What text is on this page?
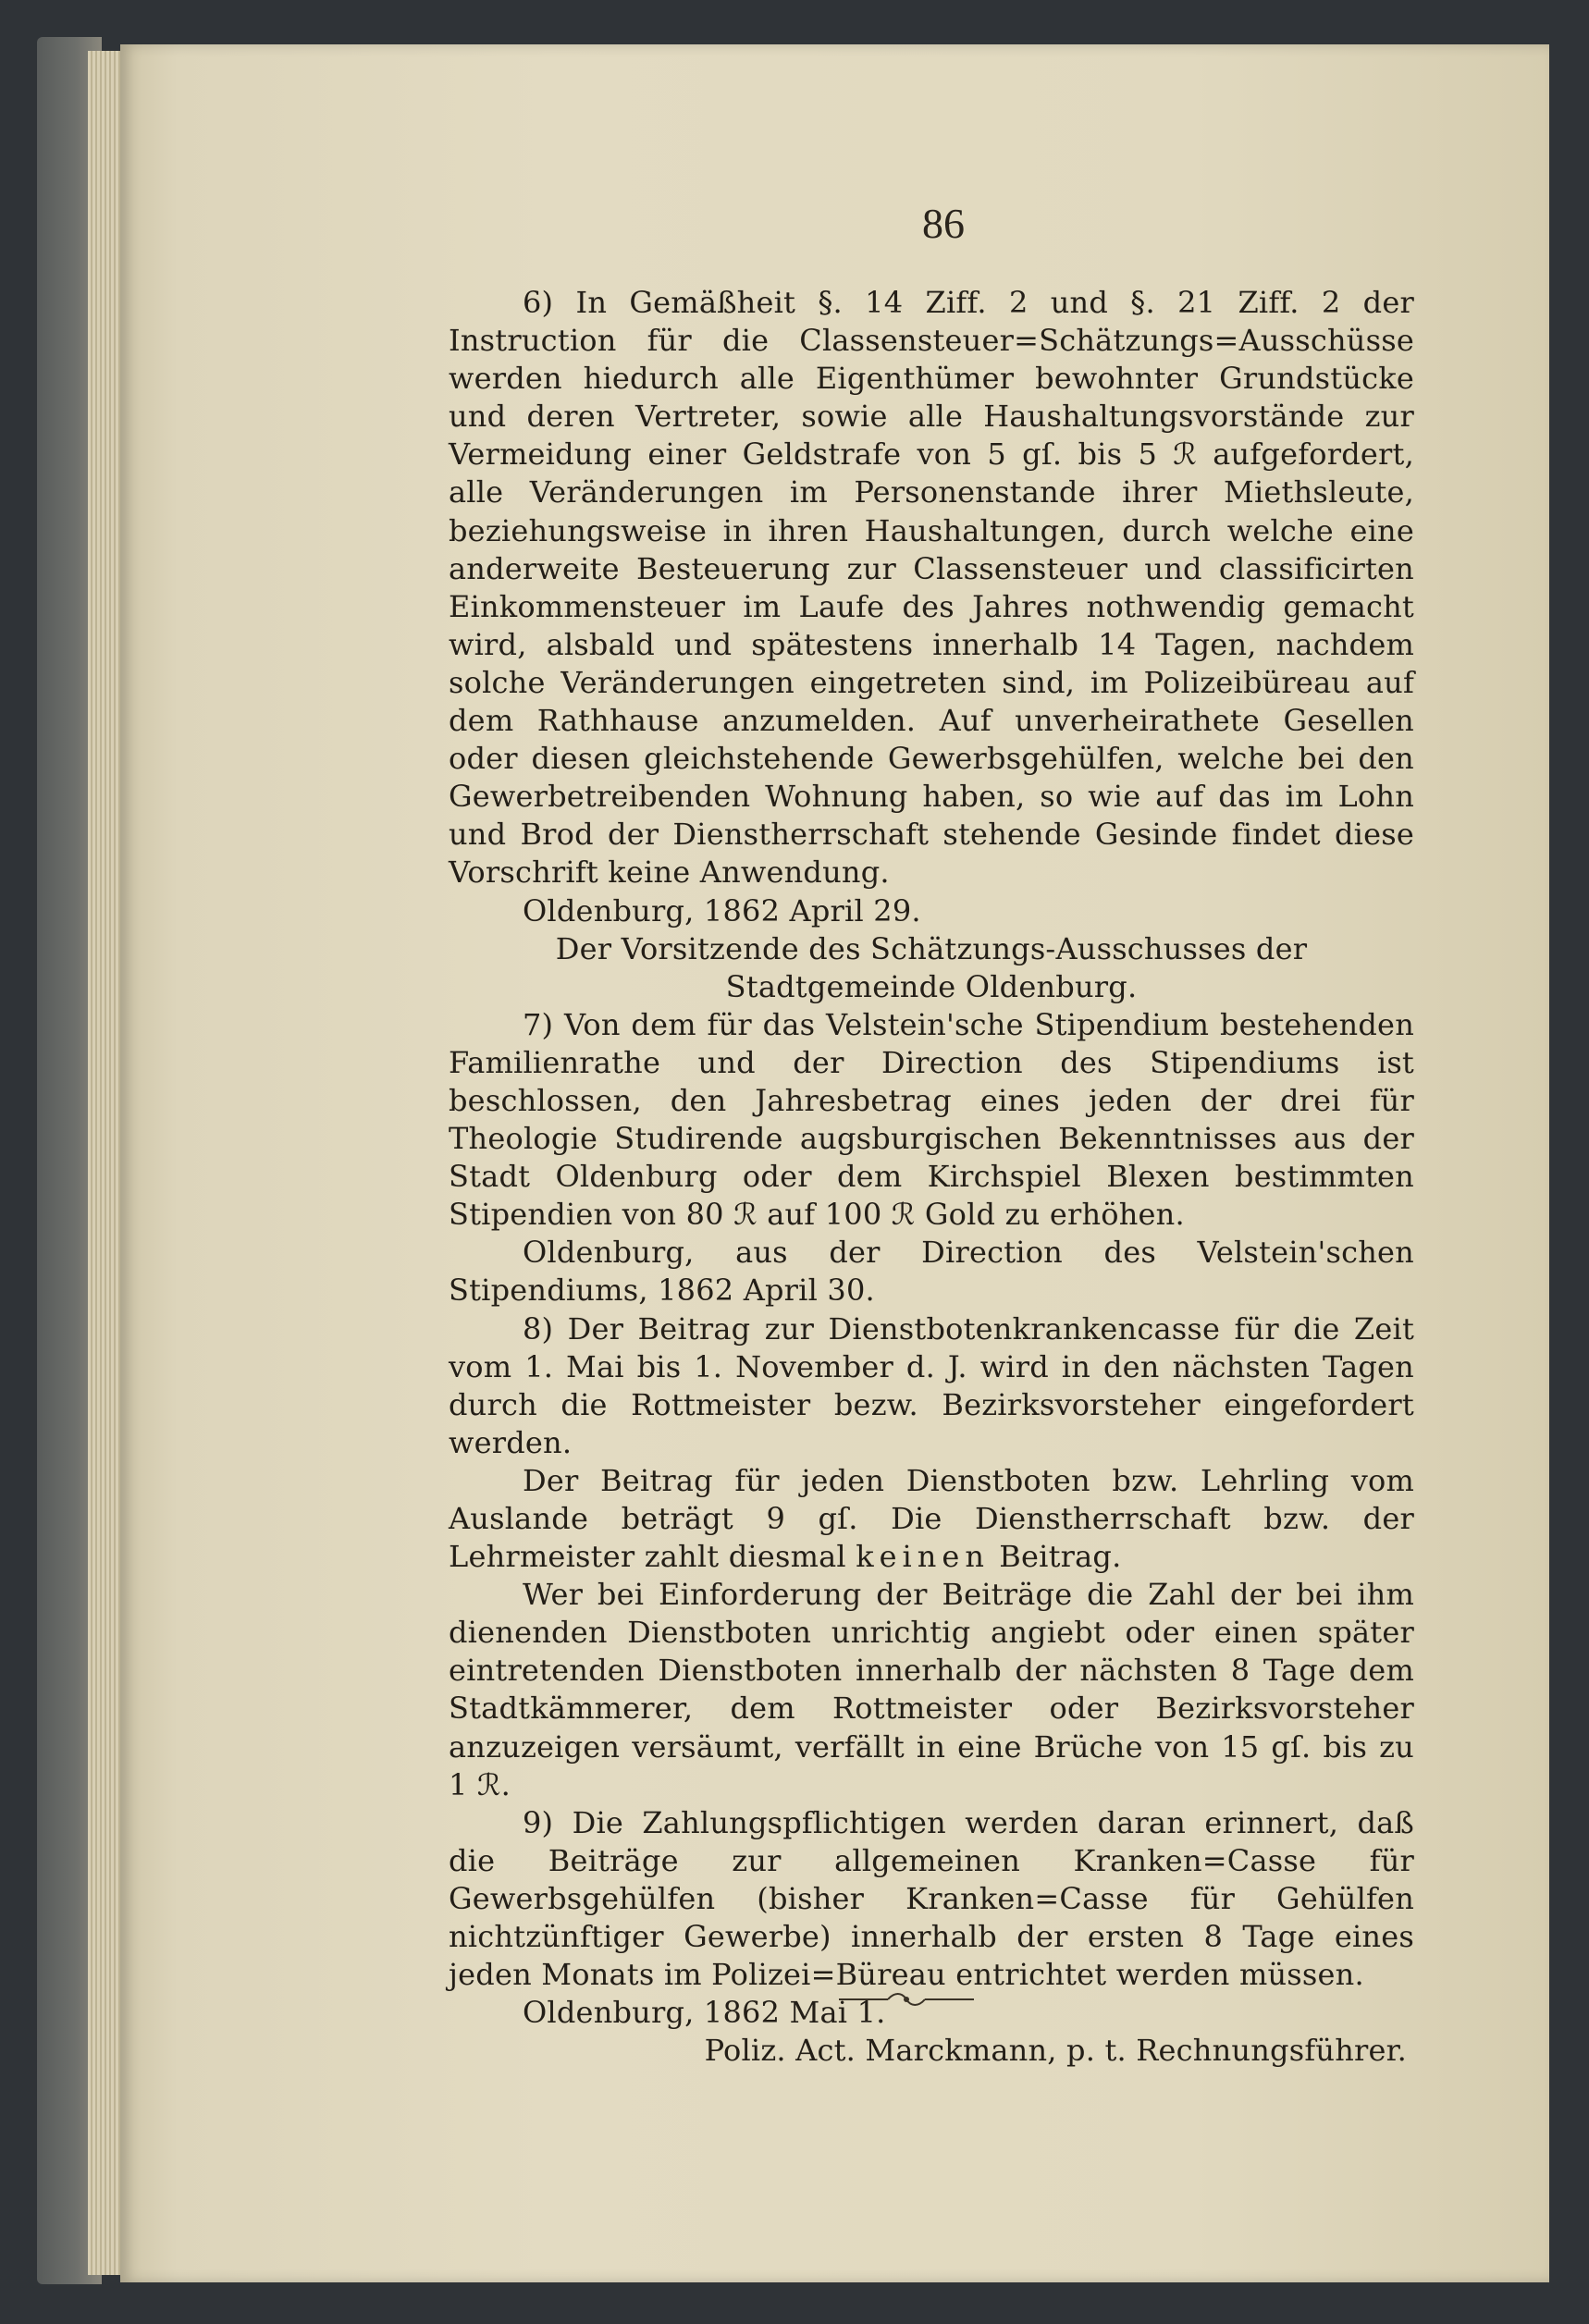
86

6) In Gemäßheit §. 14 Ziff. 2 und §. 21 Ziff. 2 der Instruction für die Classensteuer=Schätzungs=Ausschüsse werden hiedurch alle Eigenthümer bewohnter Grundstücke und deren Vertreter, sowie alle Haushaltungsvorstände zur Vermeidung einer Geldstrafe von 5 gſ. bis 5 ℛ︎ aufgefordert, alle Veränderungen im Personenstande ihrer Miethsleute, beziehungsweise in ihren Haushaltungen, durch welche eine anderweite Besteuerung zur Classensteuer und classificirten Einkommensteuer im Laufe des Jahres nothwendig gemacht wird, alsbald und spätestens innerhalb 14 Tagen, nachdem solche Veränderungen eingetreten sind, im Polizeibüreau auf dem Rathhause anzumelden. Auf unverheirathete Gesellen oder diesen gleichstehende Gewerbsgehülfen, welche bei den Gewerbetreibenden Wohnung haben, so wie auf das im Lohn und Brod der Dienstherrschaft stehende Gesinde findet diese Vorschrift keine Anwendung.

Oldenburg, 1862 April 29.

Der Vorsitzende des Schätzungs-Ausschusses der Stadtgemeinde Oldenburg.

7) Von dem für das Velstein'sche Stipendium bestehenden Familienrathe und der Direction des Stipendiums ist beschlossen, den Jahresbetrag eines jeden der drei für Theologie Studirende augsburgischen Bekenntnisses aus der Stadt Oldenburg oder dem Kirchspiel Blexen bestimmten Stipendien von 80 ℛ︎ auf 100 ℛ︎ Gold zu erhöhen.

Oldenburg, aus der Direction des Velstein'schen Stipendiums, 1862 April 30.

8) Der Beitrag zur Dienstbotenkrankencasse für die Zeit vom 1. Mai bis 1. November d. J. wird in den nächsten Tagen durch die Rottmeister bezw. Bezirksvorsteher eingefordert werden.

Der Beitrag für jeden Dienstboten bzw. Lehrling vom Auslande beträgt 9 gſ. Die Dienstherrschaft bzw. der Lehrmeister zahlt diesmal keinen Beitrag.

Wer bei Einforderung der Beiträge die Zahl der bei ihm dienenden Dienstboten unrichtig angiebt oder einen später eintretenden Dienstboten innerhalb der nächsten 8 Tage dem Stadtkämmerer, dem Rottmeister oder Bezirksvorsteher anzuzeigen versäumt, verfällt in eine Brüche von 15 gſ. bis zu 1 ℛ︎.

9) Die Zahlungspflichtigen werden daran erinnert, daß die Beiträge zur allgemeinen Kranken=Casse für Gewerbsgehülfen (bisher Kranken=Casse für Gehülfen nichtzünftiger Gewerbe) innerhalb der ersten 8 Tage eines jeden Monats im Polizei=Büreau entrichtet werden müssen.

Oldenburg, 1862 Mai 1.

Poliz. Act. Marckmann, p. t. Rechnungsführer.
